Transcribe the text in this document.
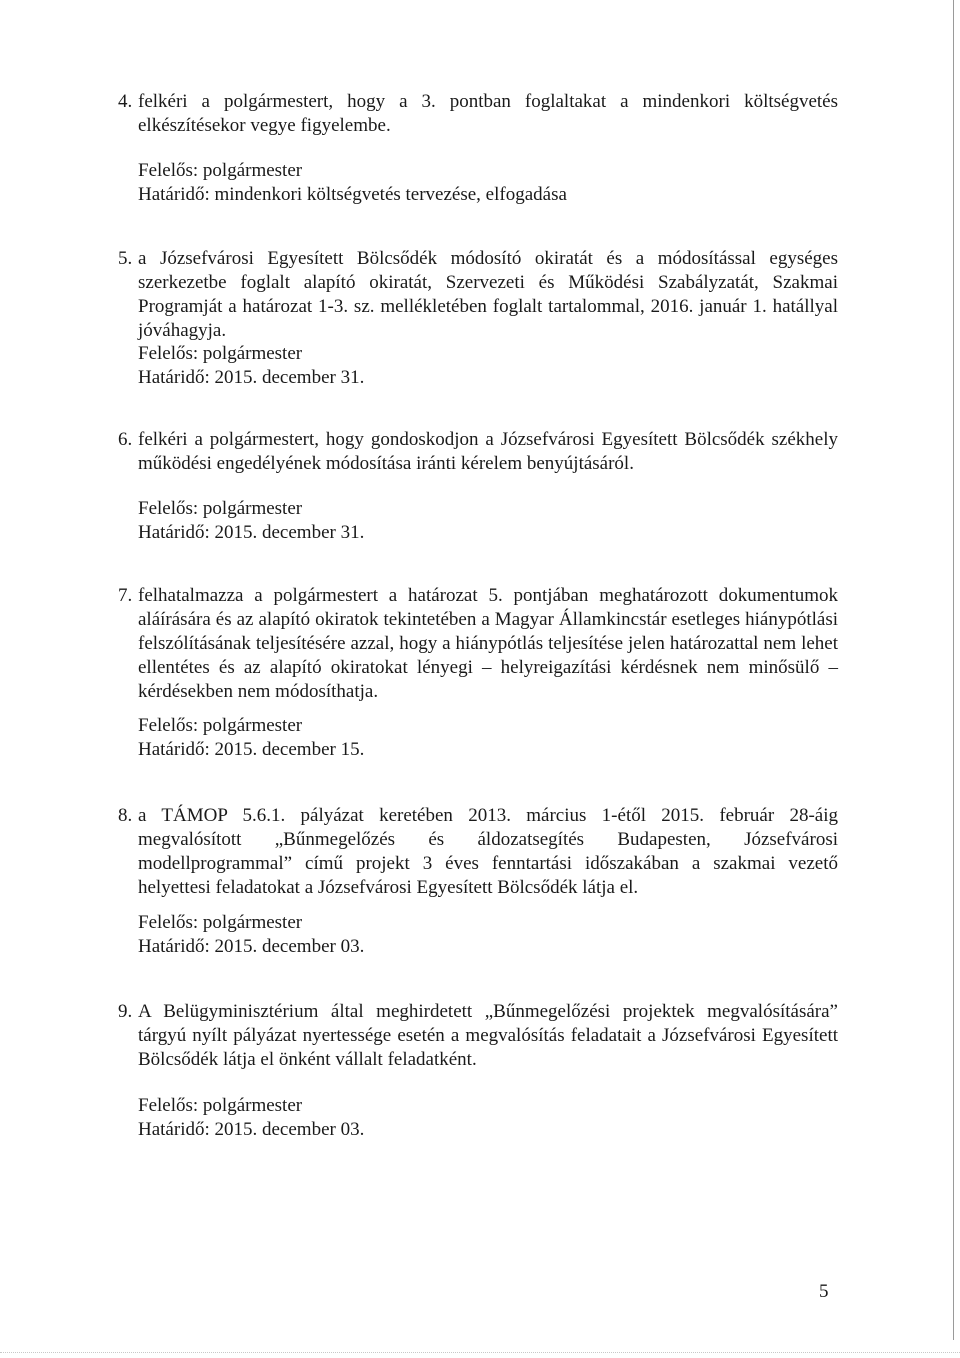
4. felkéri a polgármestert, hogy a 3. pontban foglaltakat a mindenkori költségvetés elkészítésekor vegye figyelembe.
Felelős: polgármester
Határidő: mindenkori költségvetés tervezése, elfogadása
5. a Józsefvárosi Egyesített Bölcsődék módosító okiratát és a módosítással egységes szerkezetbe foglalt alapító okiratát, Szervezeti és Működési Szabályzatát, Szakmai Programját a határozat 1-3. sz. mellékletében foglalt tartalommal, 2016. január 1. hatállyal jóváhagyja.
Felelős: polgármester
Határidő: 2015. december 31.
6. felkéri a polgármestert, hogy gondoskodjon a Józsefvárosi Egyesített Bölcsődék székhely működési engedélyének módosítása iránti kérelem benyújtásáról.
Felelős: polgármester
Határidő: 2015. december 31.
7. felhatalmazza a polgármestert a határozat 5. pontjában meghatározott dokumentumok aláírására és az alapító okiratok tekintetében a Magyar Államkincstár esetleges hiánypótlási felszólításának teljesítésére azzal, hogy a hiánypótlás teljesítése jelen határozattal nem lehet ellentétes és az alapító okiratokat lényegi – helyreigazítási kérdésnek nem minősülő – kérdésekben nem módosíthatja.
Felelős: polgármester
Határidő: 2015. december 15.
8. a TÁMOP 5.6.1. pályázat keretében 2013. március 1-étől 2015. február 28-áig megvalósított „Bűnmegelőzés és áldozatsegítés Budapesten, Józsefvárosi modellprogrammal” című projekt 3 éves fenntartási időszakában a szakmai vezető helyettesi feladatokat a Józsefvárosi Egyesített Bölcsődék látja el.
Felelős: polgármester
Határidő: 2015. december 03.
9. A Belügyminisztérium által meghirdetett „Bűnmegelőzési projektek megvalósítására” tárgyú nyílt pályázat nyertessége esetén a megvalósítás feladatait a Józsefvárosi Egyesített Bölcsődék látja el önként vállalt feladatként.
Felelős: polgármester
Határidő: 2015. december 03.
5
